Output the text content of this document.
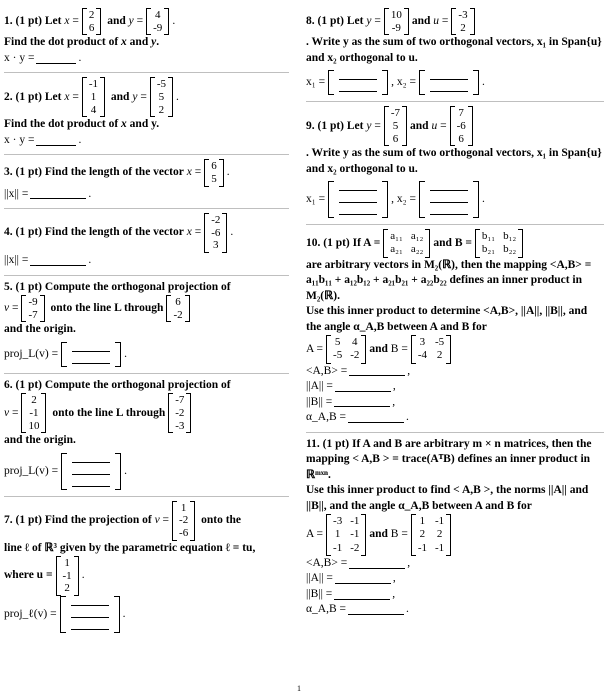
1. (1 pt) Let
x = 2
6

and
y = 4
-9
.
Find the dot product of x and y.
x · y =	.
2. (1 pt) Let
x =
-1
1
4

and
y =
-5
5
2
.
Find the dot product of x and y.
x · y =	.
3. (1 pt) Find the length of the vector
x = 6
5
.
||x|| =	.
4. (1 pt) Find the length of the vector
x =
-2
-6
3
.
||x|| =	.
5. (1 pt) Compute the orthogonal projection of
v = -9
-7

onto the line L through 6
-2
and the origin.
proj_L(v) =	.
6. (1 pt) Compute the orthogonal projection of
v =
2
-1
10

onto the line L through
-7
-2
-3
and the origin.
proj_L(v) =	.
7. (1 pt) Find the projection of
v =
1
-2
-6

onto the
line ℓ of ℝ³ given by the parametric equation ℓ = tu,
where u =
1
-1
2
.
proj_ℓ(v) =	.
8. (1 pt) Let
y = 10
-9
and
u = -3
2
. Write y as the sum of two orthogonal vectors, x₁ in Span{u} and x₂ orthogonal to u.
x₁ =	, x₂ =	.
9. (1 pt) Let
y =
-7
5
6
and
u =
7
-6
6
. Write y as the sum of two orthogonal vectors, x₁ in Span{u} and x₂ orthogonal to u.
x₁ =	, x₂ =	.
10. (1 pt) If A =
a₁₁ a₁₂
a₂₁ a₂₂
and B =
b₁₁ b₁₂
b₂₁ b₂₂
are arbitrary vectors in M₂(ℝ), then the mapping <A,B> = a₁₁b₁₁ + a₁₂b₁₂ + a₂₁b₂₁ + a₂₂b₂₂ defines an inner product in M₂(ℝ).
Use this inner product to determine <A,B>, ||A||, ||B||, and the angle α_A,B between A and B for
A =
5 4
-5 -2
and B =
3 -5
-4 2
<A,B> =	,
||A|| =	,
||B|| =	,
α_A,B =	.
11. (1 pt) If A and B are arbitrary m × n matrices, then the mapping < A,B > = trace(AᵀB) defines an inner product in ℝᵐˣⁿ.
Use this inner product to find < A,B >, the norms ||A|| and ||B||, and the angle α_A,B between A and B for
A =
-3 -1
1 -1
-1 -2
and B =
1 -1
2 2
-1 -1
<A,B> =	,
||A|| =	,
||B|| =	,
α_A,B =	.
1
